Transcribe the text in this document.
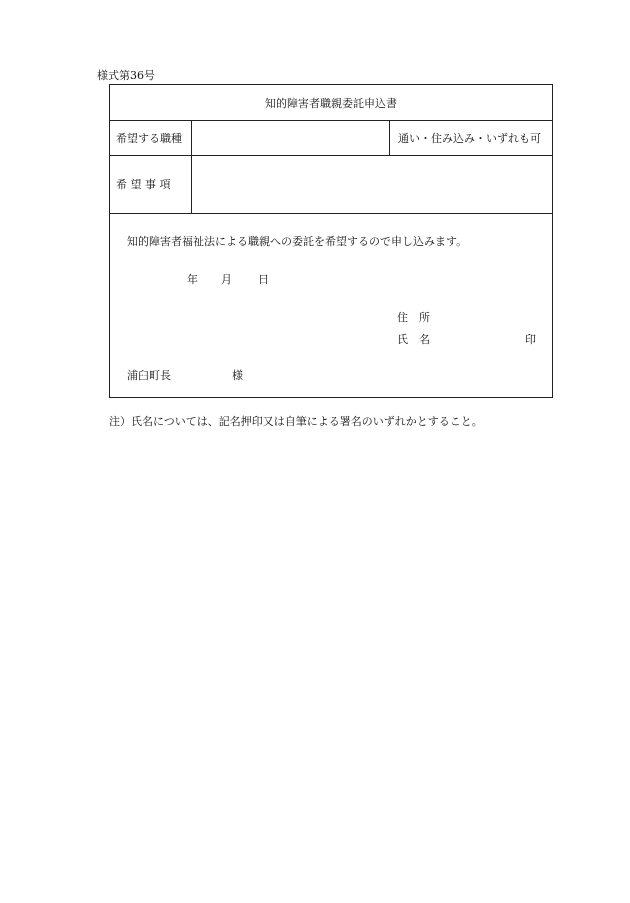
様式第36号
知的障害者職親委託申込書
希望する職種	通い・住み込み・いずれも可
希 望 事 項
知的障害者福祉法による職親への委託を希望するので申し込みます。
年 月 日
住　所
氏　名	印
浦臼町長	様
注）氏名については、記名押印又は自筆による署名のいずれかとすること。
